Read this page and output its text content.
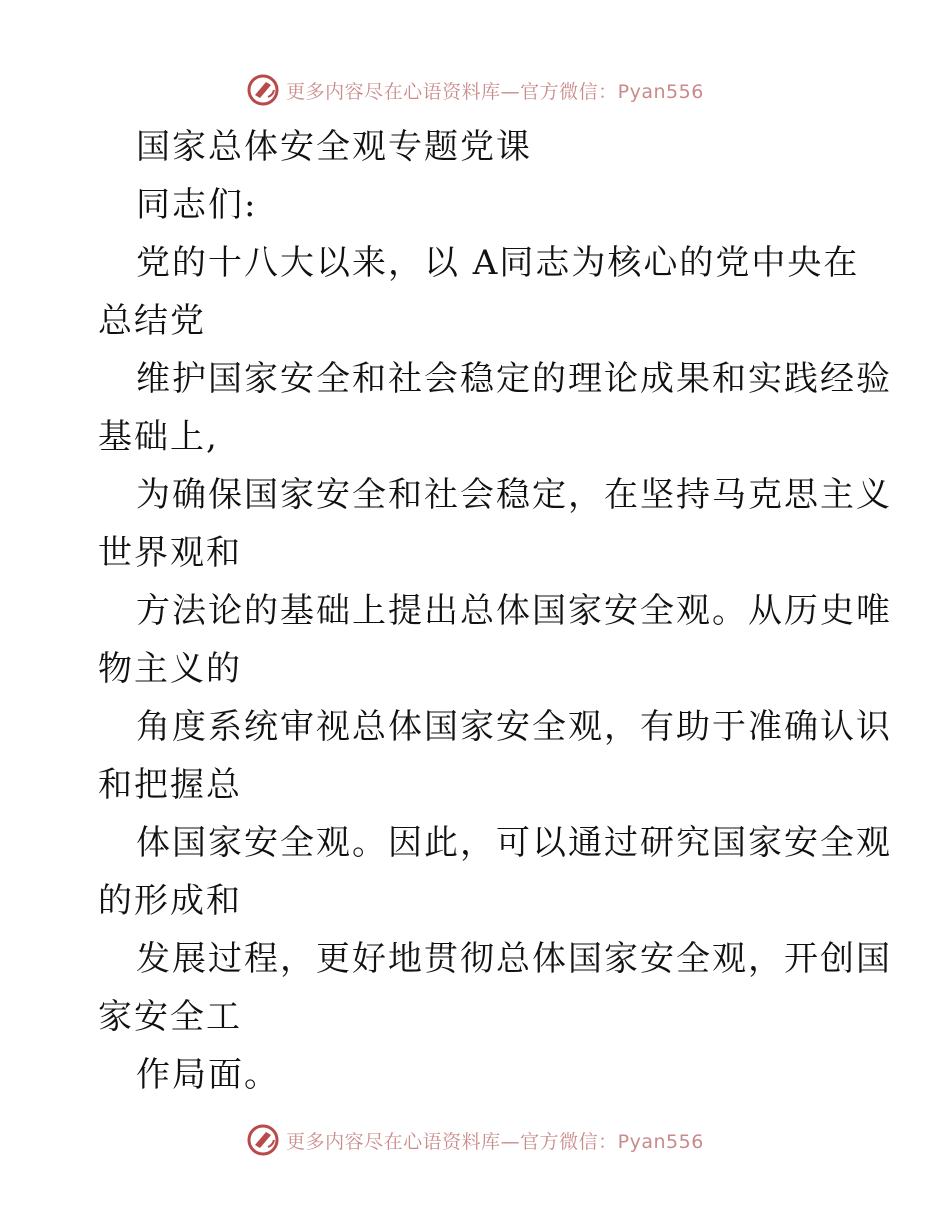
更多内容尽在心语资料库—官方微信：Pyan556
国家总体安全观专题党课
同志们:
党的十八大以来，以 A同志为核心的党中央在
总结党
维护国家安全和社会稳定的理论成果和实践经验
基础上,
为确保国家安全和社会稳定，在坚持马克思主义
世界观和
方法论的基础上提出总体国家安全观。从历史唯
物主义的
角度系统审视总体国家安全观，有助于准确认识
和把握总
体国家安全观。因此，可以通过研究国家安全观
的形成和
发展过程，更好地贯彻总体国家安全观，开创国
家安全工
作局面。
更多内容尽在心语资料库—官方微信：Pyan556
